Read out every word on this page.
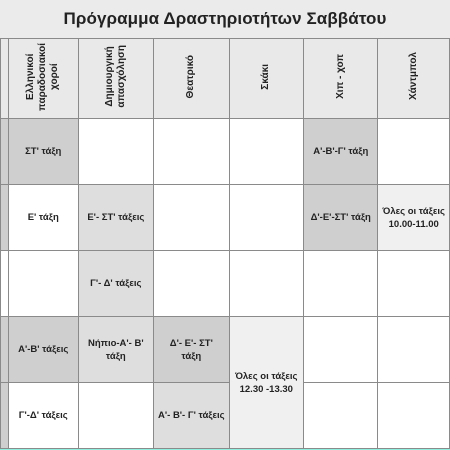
Πρόγραμμα Δραστηριοτήτων Σαββάτου
	Ελληνικοί
παραδοσιακοί
χοροί	Δημιουργική
απασχόληση	Θεατρικό	Σκάκι	Χιπ - χοπ	Χάντμπολ
	ΣΤ' τάξη				Α'-Β'-Γ' τάξη	
	Ε' τάξη	Ε'- ΣΤ' τάξεις			Δ'-Ε'-ΣΤ' τάξη	Όλες οι τάξεις
10.00-11.00
		Γ'- Δ' τάξεις				
	Α'-Β' τάξεις	Νήπιο-Α'- Β'
τάξη	Δ'- Ε'- ΣΤ'
τάξη	Όλες οι τάξεις
12.30 -13.30		
	Γ'-Δ' τάξεις		Α'- Β'- Γ' τάξεις			
